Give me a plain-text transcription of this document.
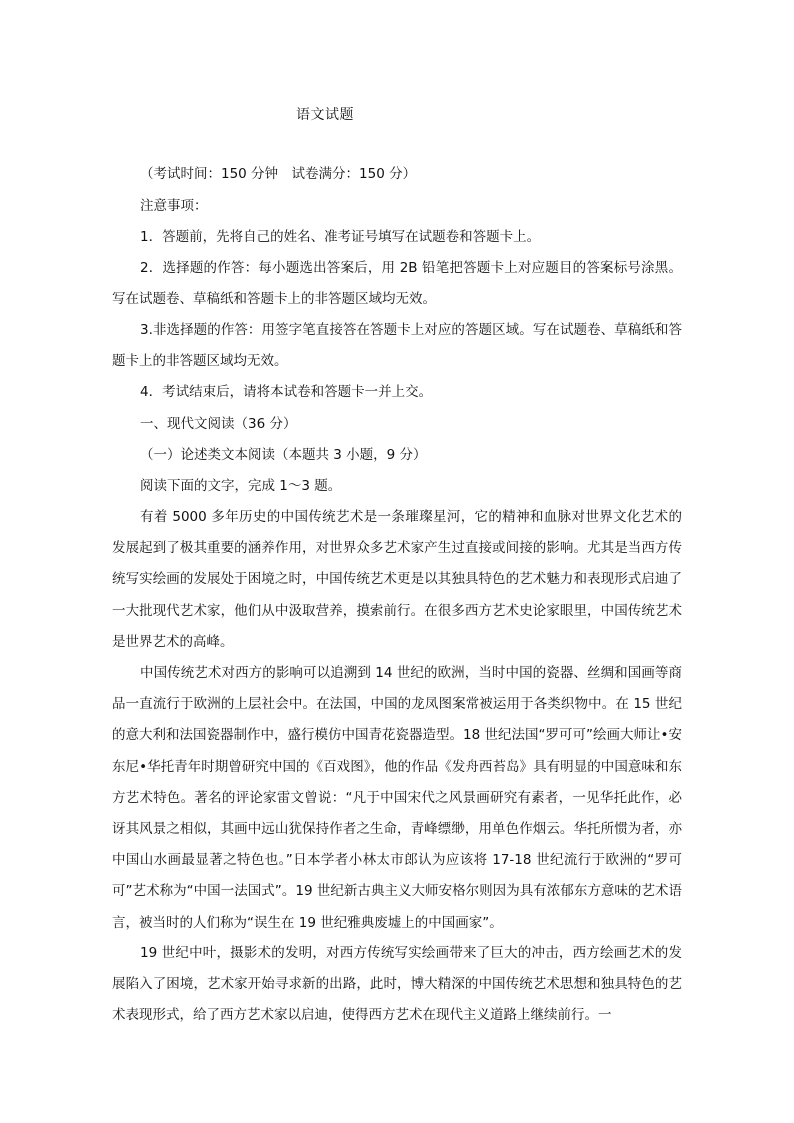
语文试题
（考试时间：150 分钟　试卷满分：150 分）
注意事项：

1．答题前，先将自己的姓名、准考证号填写在试题卷和答题卡上。

2．选择题的作答：每小题选出答案后，用 2B 铅笔把答题卡上对应题目的答案标号涂黑。写在试题卷、草稿纸和答题卡上的非答题区域均无效。

3.非选择题的作答：用签字笔直接答在答题卡上对应的答题区域。写在试题卷、草稿纸和答题卡上的非答题区域均无效。

4．考试结束后，请将本试卷和答题卡一并上交。

一、现代文阅读（36 分）
（一）论述类文本阅读（本题共 3 小题，9 分）
阅读下面的文字，完成 1～3 题。

有着 5000 多年历史的中国传统艺术是一条璀璨星河，它的精神和血脉对世界文化艺术的发展起到了极其重要的涵养作用，对世界众多艺术家产生过直接或间接的影响。尤其是当西方传统写实绘画的发展处于困境之时，中国传统艺术更是以其独具特色的艺术魅力和表现形式启迪了一大批现代艺术家，他们从中汲取营养，摸索前行。在很多西方艺术史论家眼里，中国传统艺术是世界艺术的高峰。

中国传统艺术对西方的影响可以追溯到 14 世纪的欧洲，当时中国的瓷器、丝绸和国画等商品一直流行于欧洲的上层社会中。在法国，中国的龙凤图案常被运用于各类织物中。在 15 世纪的意大利和法国瓷器制作中，盛行模仿中国青花瓷器造型。18 世纪法国“罗可可”绘画大师让•安东尼•华托青年时期曾研究中国的《百戏图》，他的作品《发舟西苔岛》具有明显的中国意味和东方艺术特色。著名的评论家雷文曾说：“凡于中国宋代之风景画研究有素者，一见华托此作，必讶其风景之相似，其画中远山犹保持作者之生命，青峰缥缈，用单色作烟云。华托所惯为者，亦中国山水画最显著之特色也。”日本学者小林太市郎认为应该将 17-18 世纪流行于欧洲的“罗可可”艺术称为“中国一法国式”。19 世纪新古典主义大师安格尔则因为具有浓郁东方意味的艺术语言，被当时的人们称为“误生在 19 世纪雅典废墟上的中国画家”。

19 世纪中叶，摄影术的发明，对西方传统写实绘画带来了巨大的冲击，西方绘画艺术的发展陷入了困境，艺术家开始寻求新的出路，此时，博大精深的中国传统艺术思想和独具特色的艺术表现形式，给了西方艺术家以启迪，使得西方艺术在现代主义道路上继续前行。一
